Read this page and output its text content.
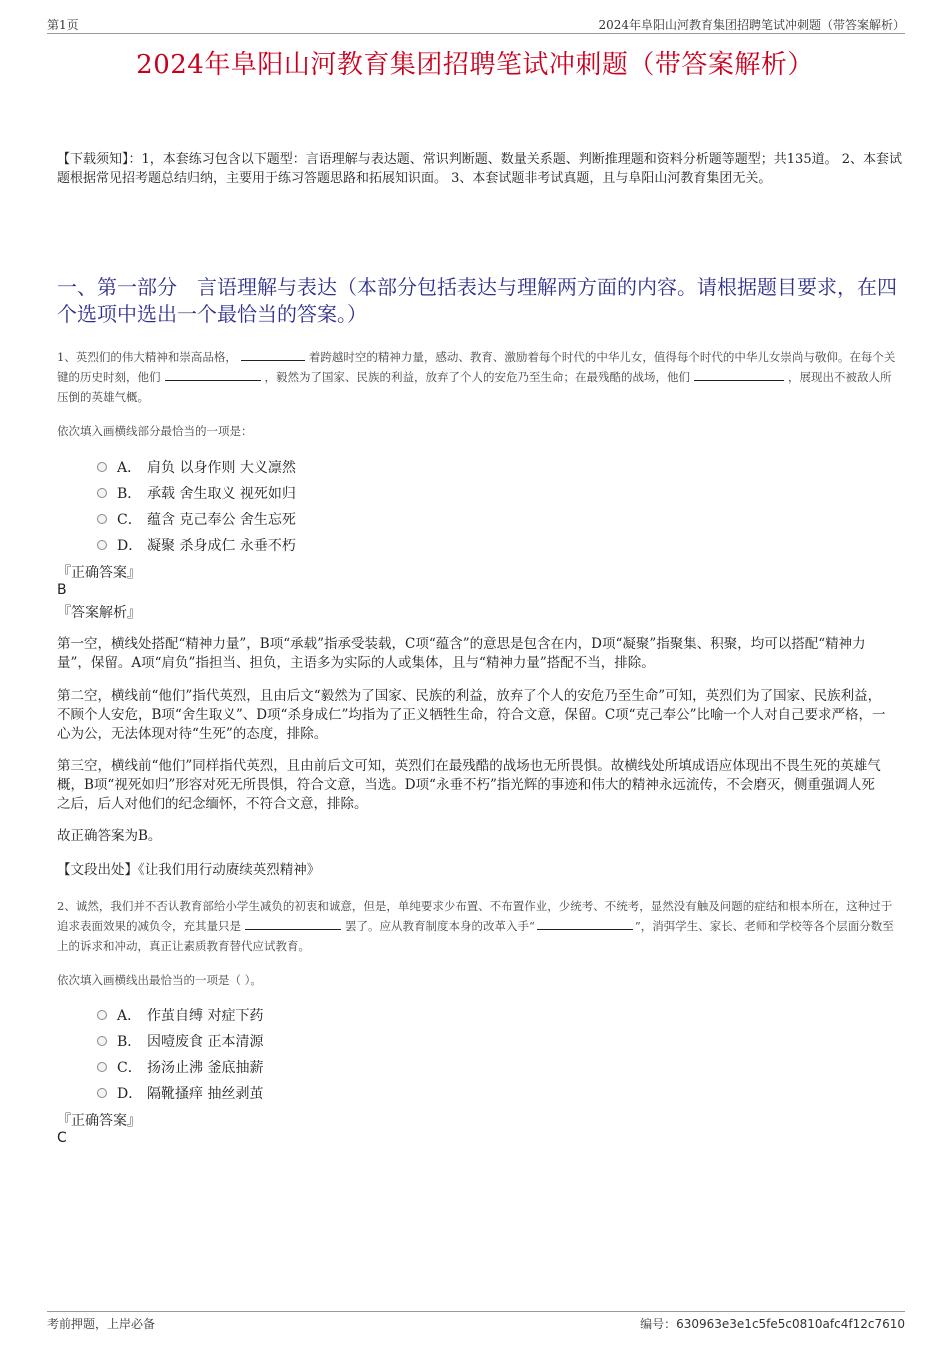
第1页	2024年阜阳山河教育集团招聘笔试冲刺题（带答案解析）
2024年阜阳山河教育集团招聘笔试冲刺题（带答案解析）
【下载须知】：1，本套练习包含以下题型：言语理解与表达题、常识判断题、数量关系题、判断推理题和资料分析题等题型；共135道。 2、本套试题根据常见招考题总结归纳，主要用于练习答题思路和拓展知识面。 3、本套试题非考试真题，且与阜阳山河教育集团无关。
一、第一部分　言语理解与表达（本部分包括表达与理解两方面的内容。请根据题目要求，在四个选项中选出一个最恰当的答案。）
1、英烈们的伟大精神和崇高品格，	着跨越时空的精神力量，感动、教育、激励着每个时代的中华儿女，值得每个时代的中华儿女崇尚与敬仰。在每个关键的历史时刻，他们	，毅然为了国家、民族的利益，放弃了个人的安危乃至生命；在最残酷的战场，他们	，展现出不被敌人所压倒的英雄气概。
依次填入画横线部分最恰当的一项是：
A． 肩负 以身作则 大义凛然
B． 承载 舍生取义 视死如归
C． 蕴含 克己奉公 舍生忘死
D． 凝聚 杀身成仁 永垂不朽
『正确答案』
B
『答案解析』
第一空，横线处搭配“精神力量”，B项“承载”指承受装载，C项“蕴含”的意思是包含在内，D项“凝聚”指聚集、积聚，均可以搭配“精神力量”，保留。A项“肩负”指担当、担负，主语多为实际的人或集体，且与“精神力量”搭配不当，排除。
第二空，横线前“他们”指代英烈，且由后文“毅然为了国家、民族的利益，放弃了个人的安危乃至生命”可知，英烈们为了国家、民族利益，不顾个人安危，B项“舍生取义”、D项“杀身成仁”均指为了正义牺牲生命，符合文意，保留。C项“克己奉公”比喻一个人对自己要求严格，一心为公，无法体现对待“生死”的态度，排除。
第三空，横线前“他们”同样指代英烈，且由前后文可知，英烈们在最残酷的战场也无所畏惧。故横线处所填成语应体现出不畏生死的英雄气概，B项“视死如归”形容对死无所畏惧，符合文意，当选。D项“永垂不朽”指光辉的事迹和伟大的精神永远流传，不会磨灭，侧重强调人死之后，后人对他们的纪念缅怀，不符合文意，排除。
故正确答案为B。
【文段出处】《让我们用行动赓续英烈精神》
2、诚然，我们并不否认教育部给小学生减负的初衷和诚意，但是，单纯要求少布置、不布置作业，少统考、不统考，显然没有触及问题的症结和根本所在，这种过于追求表面效果的减负令，充其量只是	罢了。应从教育制度本身的改革入手“	”，消弭学生、家长、老师和学校等各个层面分数至上的诉求和冲动，真正让素质教育替代应试教育。
依次填入画横线出最恰当的一项是（ ）。
A． 作茧自缚 对症下药
B． 因噎废食 正本清源
C． 扬汤止沸 釜底抽薪
D． 隔靴搔痒 抽丝剥茧
『正确答案』
C
考前押题，上岸必备	编号：630963e3e1c5fe5c0810afc4f12c7610
